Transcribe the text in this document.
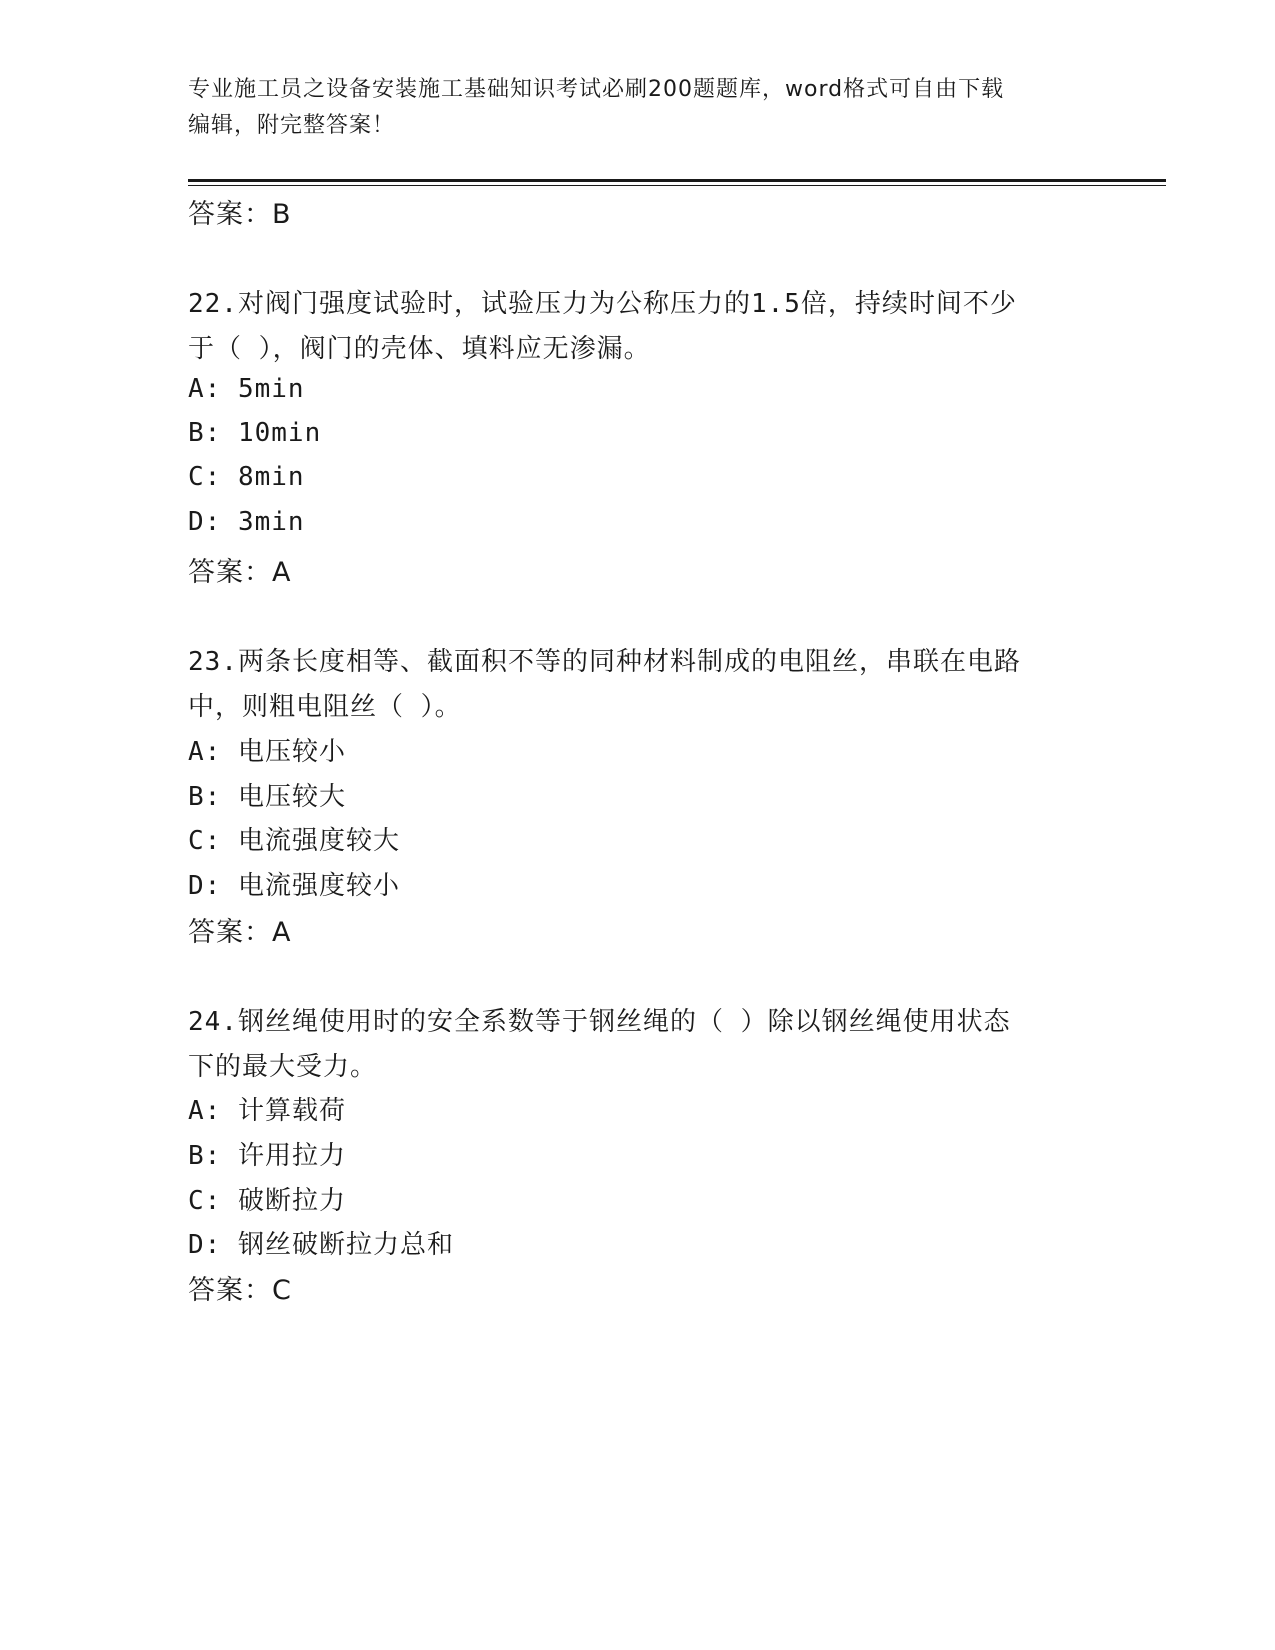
专业施工员之设备安装施工基础知识考试必刷200题题库，word格式可自由下载
编辑，附完整答案！
答案：B
22.对阀门强度试验时，试验压力为公称压力的1.5倍，持续时间不少
于（ ），阀门的壳体、填料应无渗漏。
A: 5min
B: 10min
C: 8min
D: 3min
答案：A
23.两条长度相等、截面积不等的同种材料制成的电阻丝，串联在电路
中，则粗电阻丝（ ）。
A: 电压较小
B: 电压较大
C: 电流强度较大
D: 电流强度较小
答案：A
24.钢丝绳使用时的安全系数等于钢丝绳的（ ）除以钢丝绳使用状态
下的最大受力。
A: 计算载荷
B: 许用拉力
C: 破断拉力
D: 钢丝破断拉力总和
答案：C
